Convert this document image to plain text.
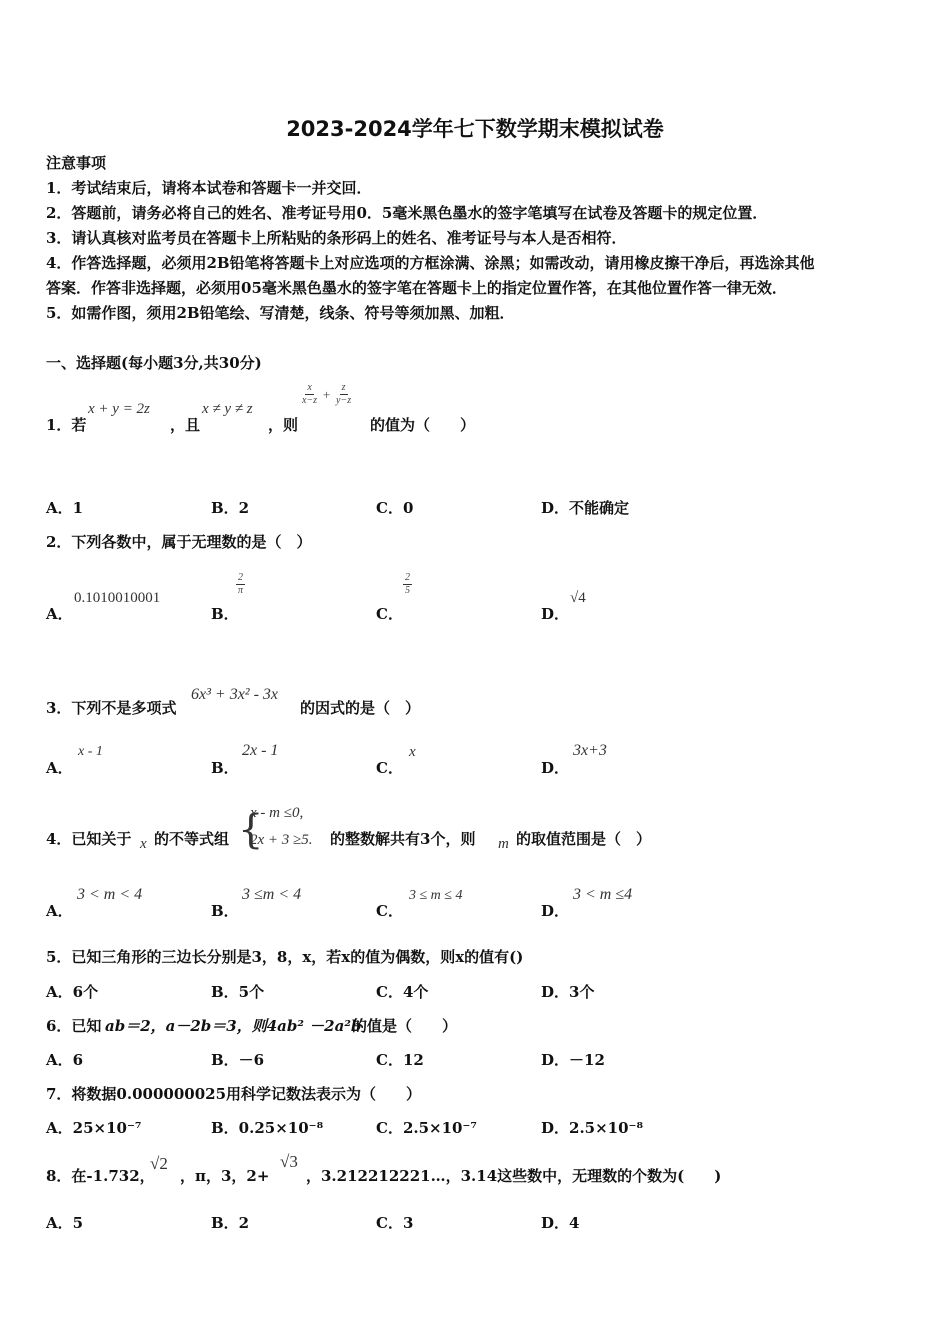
2023-2024学年七下数学期末模拟试卷
注意事项
1．考试结束后，请将本试卷和答题卡一并交回．
2．答题前，请务必将自己的姓名、准考证号用0．5毫米黑色墨水的签字笔填写在试卷及答题卡的规定位置．
3．请认真核对监考员在答题卡上所粘贴的条形码上的姓名、准考证号与本人是否相符．
4．作答选择题，必须用2B铅笔将答题卡上对应选项的方框涂满、涂黑；如需改动，请用橡皮擦干净后，再选涂其他
答案．作答非选择题，必须用05毫米黑色墨水的签字笔在答题卡上的指定位置作答，在其他位置作答一律无效．
5．如需作图，须用2B铅笔绘、写清楚，线条、符号等须加黑、加粗．
一、选择题(每小题3分,共30分)
1．若
x + y = 2z
，且
x ≠ y ≠ z
，则
$\frac{x}{x-z} + \frac{z}{y-z}$
的值为（　　）
A．1	B．2	C．0	D．不能确定
2．下列各数中，属于无理数的是（　）
A．
0.1010010001
B．
$\frac{2}{\pi}$
C．
$\frac{2}{5}$
D．
√4
3．下列不是多项式
6x³ + 3x² - 3x
的因式的是（　）
A．
x - 1
B．
2x - 1
C．
x
D．
3x+3
4．已知关于 x 的不等式组 {
x - m ≤0,
2x + 3 ≥5. 的整数解共有3个，则 m 的取值范围是（　）
A．
3 < m < 4
B．
3 ≤m < 4
C．
3 ≤ m ≤ 4
D．
3 < m ≤4
5．已知三角形的三边长分别是3，8，x，若x的值为偶数，则x的值有()
A．6个	B．5个	C．4个	D．3个
6．已知 ab＝2，a－2b＝3，则4ab² －2a²b
的值是（　　）
A．6	B．－6	C．12	D．－12
7．将数据0.000000025用科学记数法表示为（　　）
A．25×10⁻⁷	B．0.25×10⁻⁸	C．2.5×10⁻⁷	D．2.5×10⁻⁸
8．在-1.732，
√2
，π，3，2+
√3
，3.212212221…，3.14这些数中，无理数的个数为(　　)
A．5	B．2	C．3	D．4
